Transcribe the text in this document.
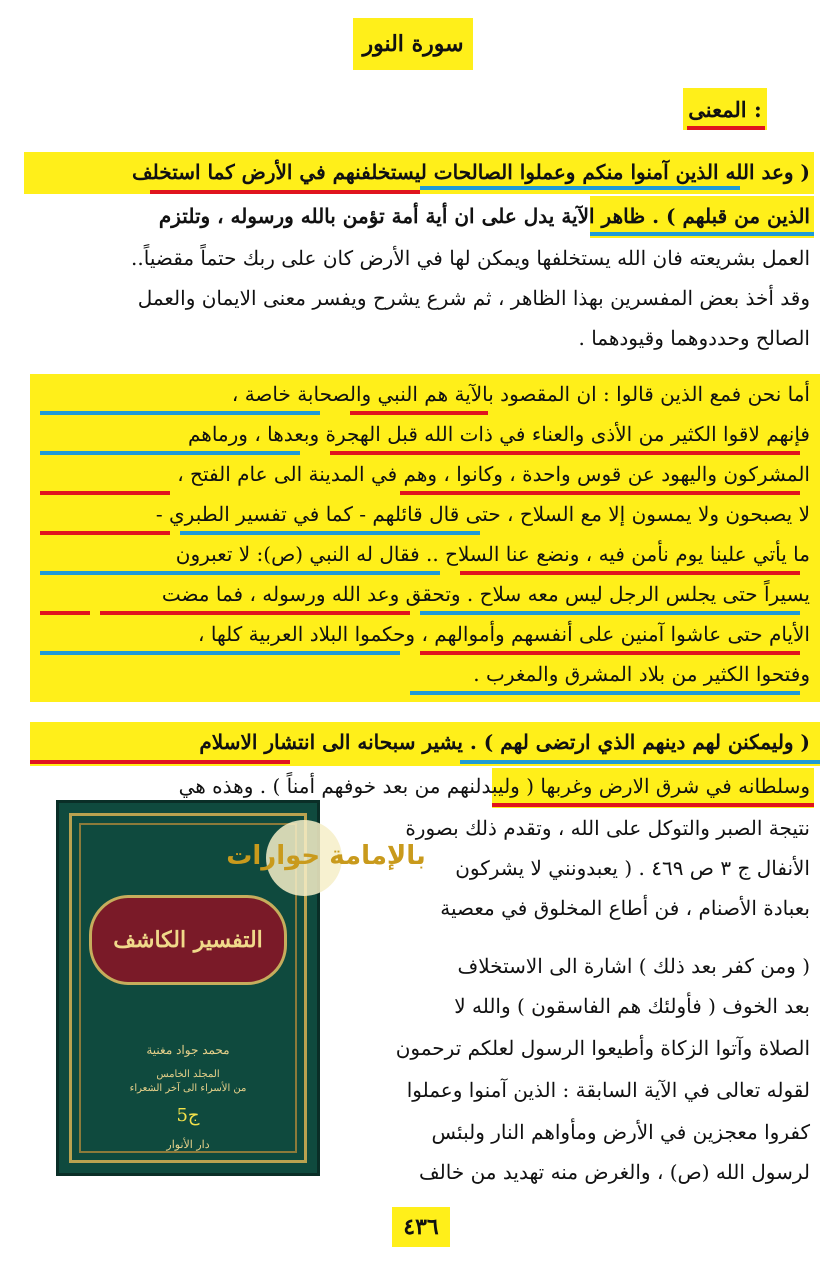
سورة النور
المعنى :
( وعد الله الذين آمنوا منكم وعملوا الصالحات ليستخلفنهم في الأرض كما استخلف
الذين من قبلهم ) . ظاهر الآية يدل على ان أية أمة تؤمن بالله ورسوله ، وتلتزم
العمل بشريعته فان الله يستخلفها ويمكن لها في الأرض كان على ربك حتماً مقضياً..
وقد أخذ بعض المفسرين بهذا الظاهر ، ثم شرع يشرح ويفسر معنى الايمان والعمل
الصالح وحددوهما وقيودهما .
أما نحن فمع الذين قالوا : ان المقصود بالآية هم النبي والصحابة خاصة ،
فإنهم لاقوا الكثير من الأذى والعناء في ذات الله قبل الهجرة وبعدها ، ورماهم
المشركون واليهود عن قوس واحدة ، وكانوا ، وهم في المدينة الى عام الفتح ،
لا يصبحون ولا يمسون إلا مع السلاح ، حتى قال قائلهم - كما في تفسير الطبري -
ما يأتي علينا يوم نأمن فيه ، ونضع عنا السلاح .. فقال له النبي (ص): لا تعبرون
يسيراً حتى يجلس الرجل ليس معه سلاح . وتحقق وعد الله ورسوله ، فما مضت
الأيام حتى عاشوا آمنين على أنفسهم وأموالهم ، وحكموا البلاد العربية كلها ،
وفتحوا الكثير من بلاد المشرق والمغرب .
( وليمكنن لهم دينهم الذي ارتضى لهم ) . يشير سبحانه الى انتشار الاسلام
وسلطانه في شرق الارض وغربها ( وليبدلنهم من بعد خوفهم أمناً ) . وهذه هي
نتيجة الصبر والتوكل على الله ، وتقدم ذلك بصورة
الأنفال ج ٣ ص ٤٦٩ . ( يعبدونني لا يشركون
بعبادة الأصنام ، فن أطاع المخلوق في معصية
( ومن كفر بعد ذلك ) اشارة الى الاستخلاف
بعد الخوف ( فأولئك هم الفاسقون ) والله لا
الصلاة وآتوا الزكاة وأطيعوا الرسول لعلكم ترحمون
لقوله تعالى في الآية السابقة : الذين آمنوا وعملوا
كفروا معجزين في الأرض ومأواهم النار ولبئس
لرسول الله (ص) ، والغرض منه تهديد من خالف
التفسير الكاشف
محمد جواد مغنية
المجلد الخامس
من الأسراء الى آخر الشعراء
ج5
دار الأنوار
بالإمامة حوارات
٤٣٦
